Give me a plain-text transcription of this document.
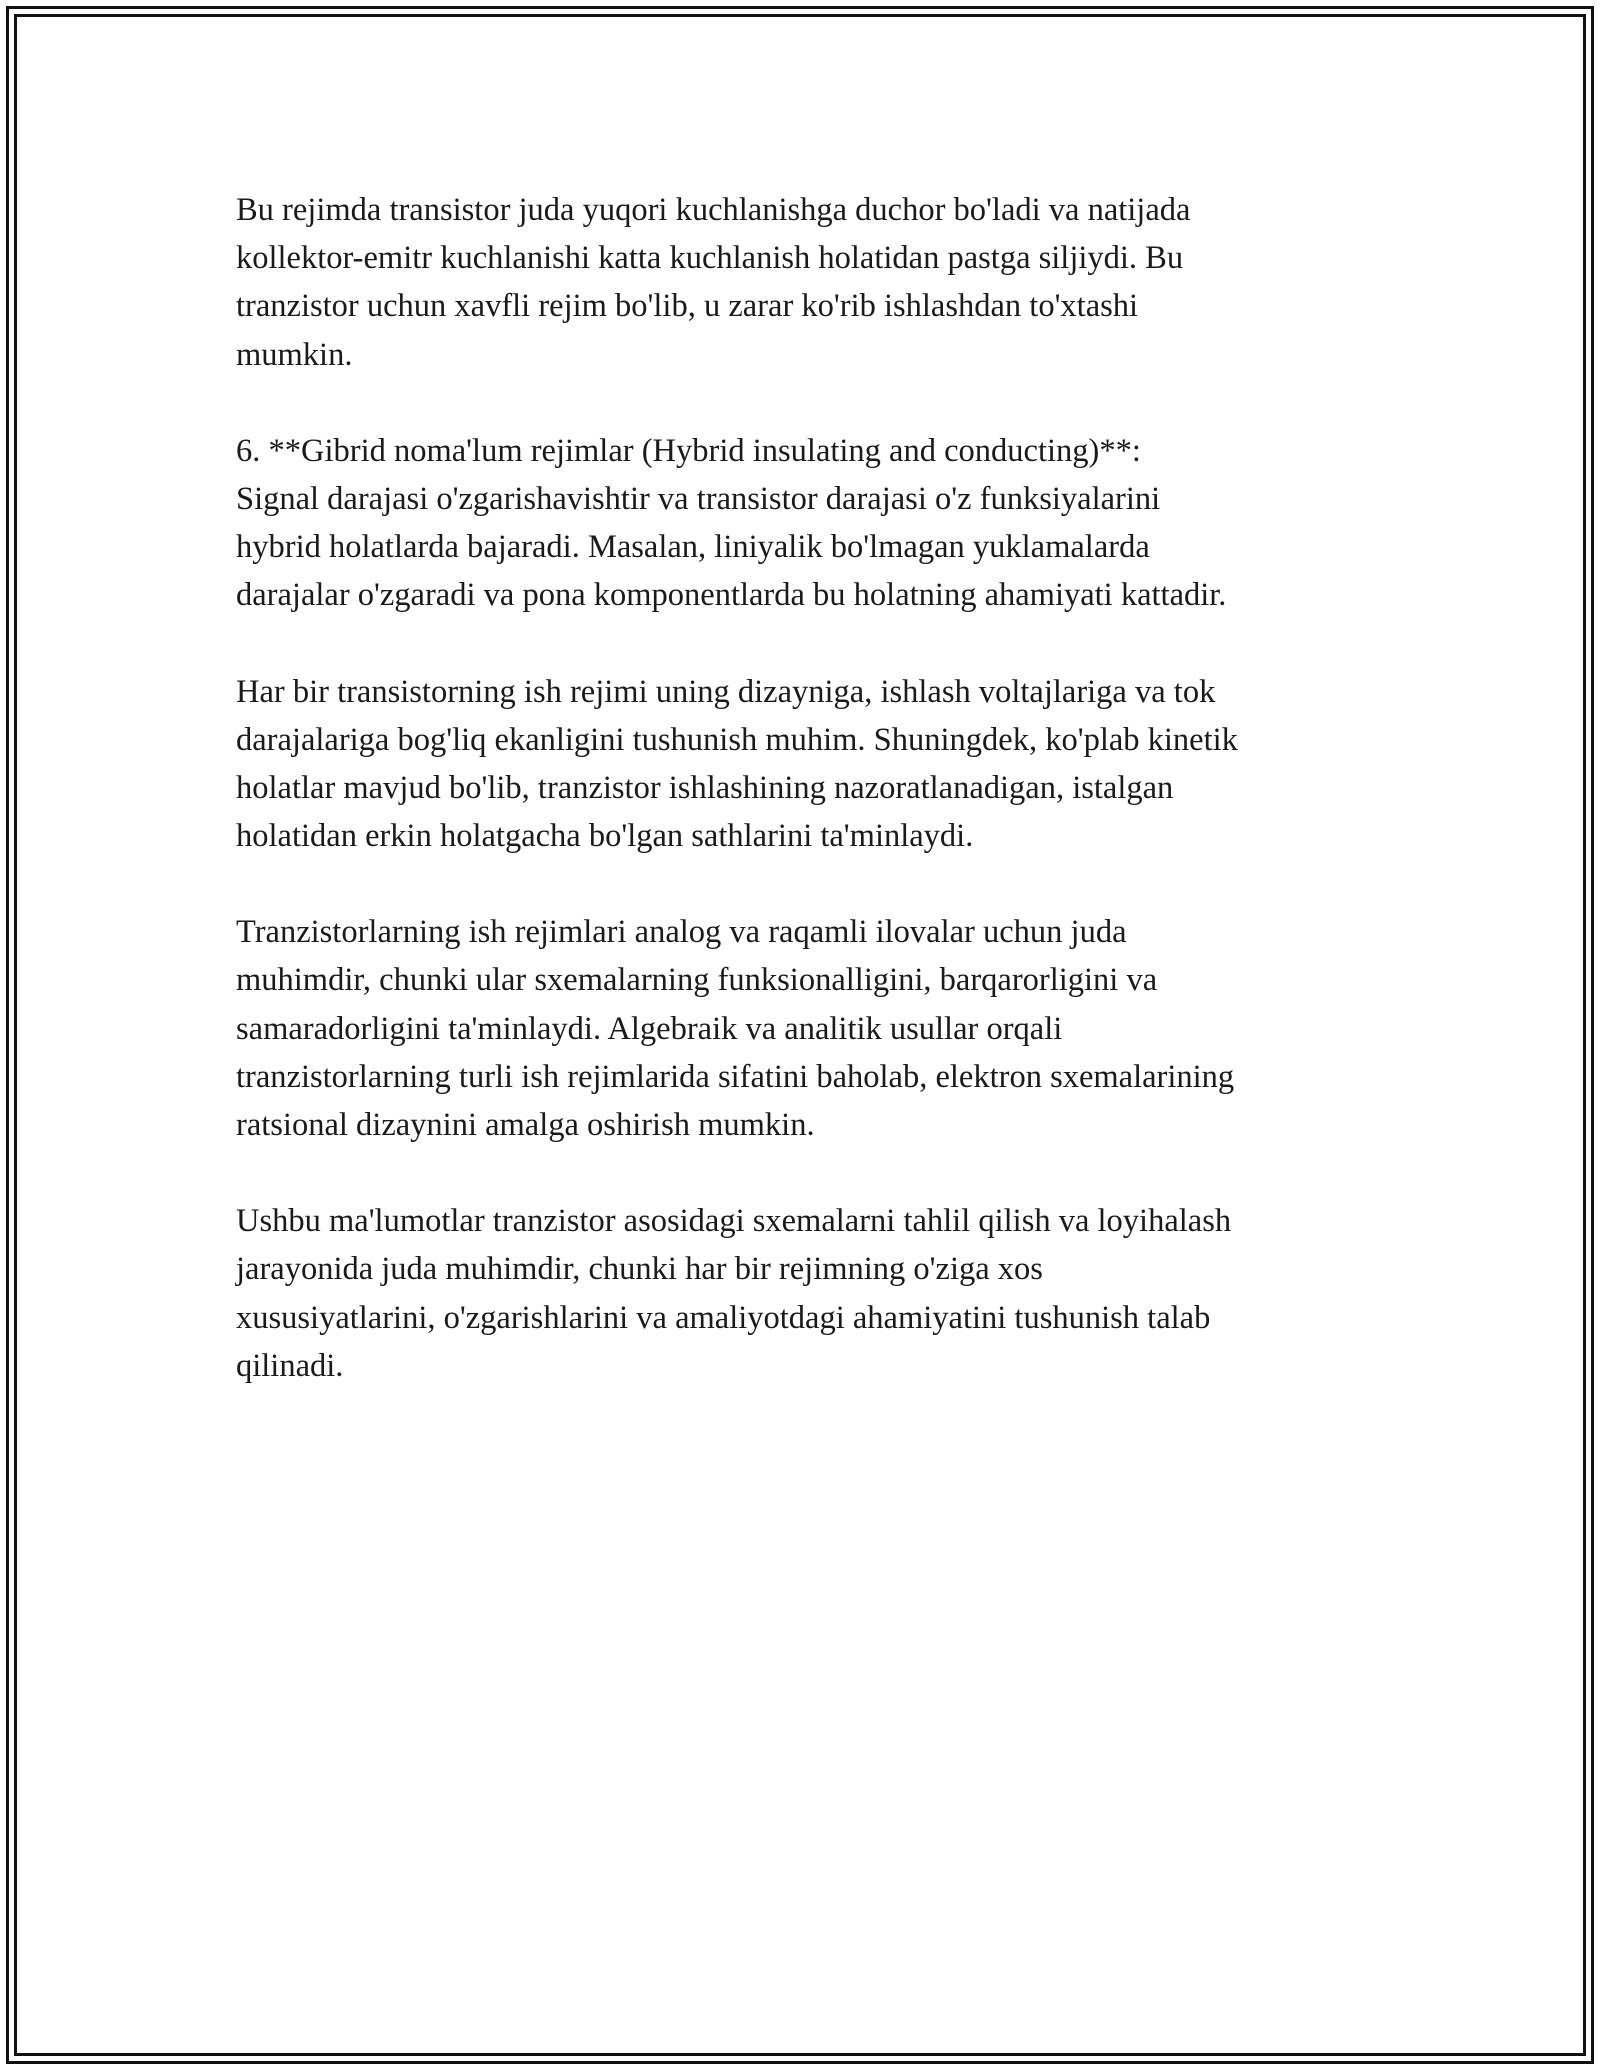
Bu rejimda transistor juda yuqori kuchlanishga duchor bo'ladi va natijada
kollektor-emitr kuchlanishi katta kuchlanish holatidan pastga siljiydi. Bu
tranzistor uchun xavfli rejim bo'lib, u zarar ko'rib ishlashdan to'xtashi
mumkin.

6. **Gibrid noma'lum rejimlar (Hybrid insulating and conducting)**:
Signal darajasi o'zgarishavishtir va transistor darajasi o'z funksiyalarini
hybrid holatlarda bajaradi. Masalan, liniyalik bo'lmagan yuklamalarda
darajalar o'zgaradi va pona komponentlarda bu holatning ahamiyati kattadir.

Har bir transistorning ish rejimi uning dizayniga, ishlash voltajlariga va tok
darajalariga bog'liq ekanligini tushunish muhim. Shuningdek, ko'plab kinetik
holatlar mavjud bo'lib, tranzistor ishlashining nazoratlanadigan, istalgan
holatidan erkin holatgacha bo'lgan sathlarini ta'minlaydi.

Tranzistorlarning ish rejimlari analog va raqamli ilovalar uchun juda
muhimdir, chunki ular sxemalarning funksionalligini, barqarorligini va
samaradorligini ta'minlaydi. Algebraik va analitik usullar orqali
tranzistorlarning turli ish rejimlarida sifatini baholab, elektron sxemalarining
ratsional dizaynini amalga oshirish mumkin.

Ushbu ma'lumotlar tranzistor asosidagi sxemalarni tahlil qilish va loyihalash
jarayonida juda muhimdir, chunki har bir rejimning o'ziga xos
xususiyatlarini, o'zgarishlarini va amaliyotdagi ahamiyatini tushunish talab
qilinadi.
